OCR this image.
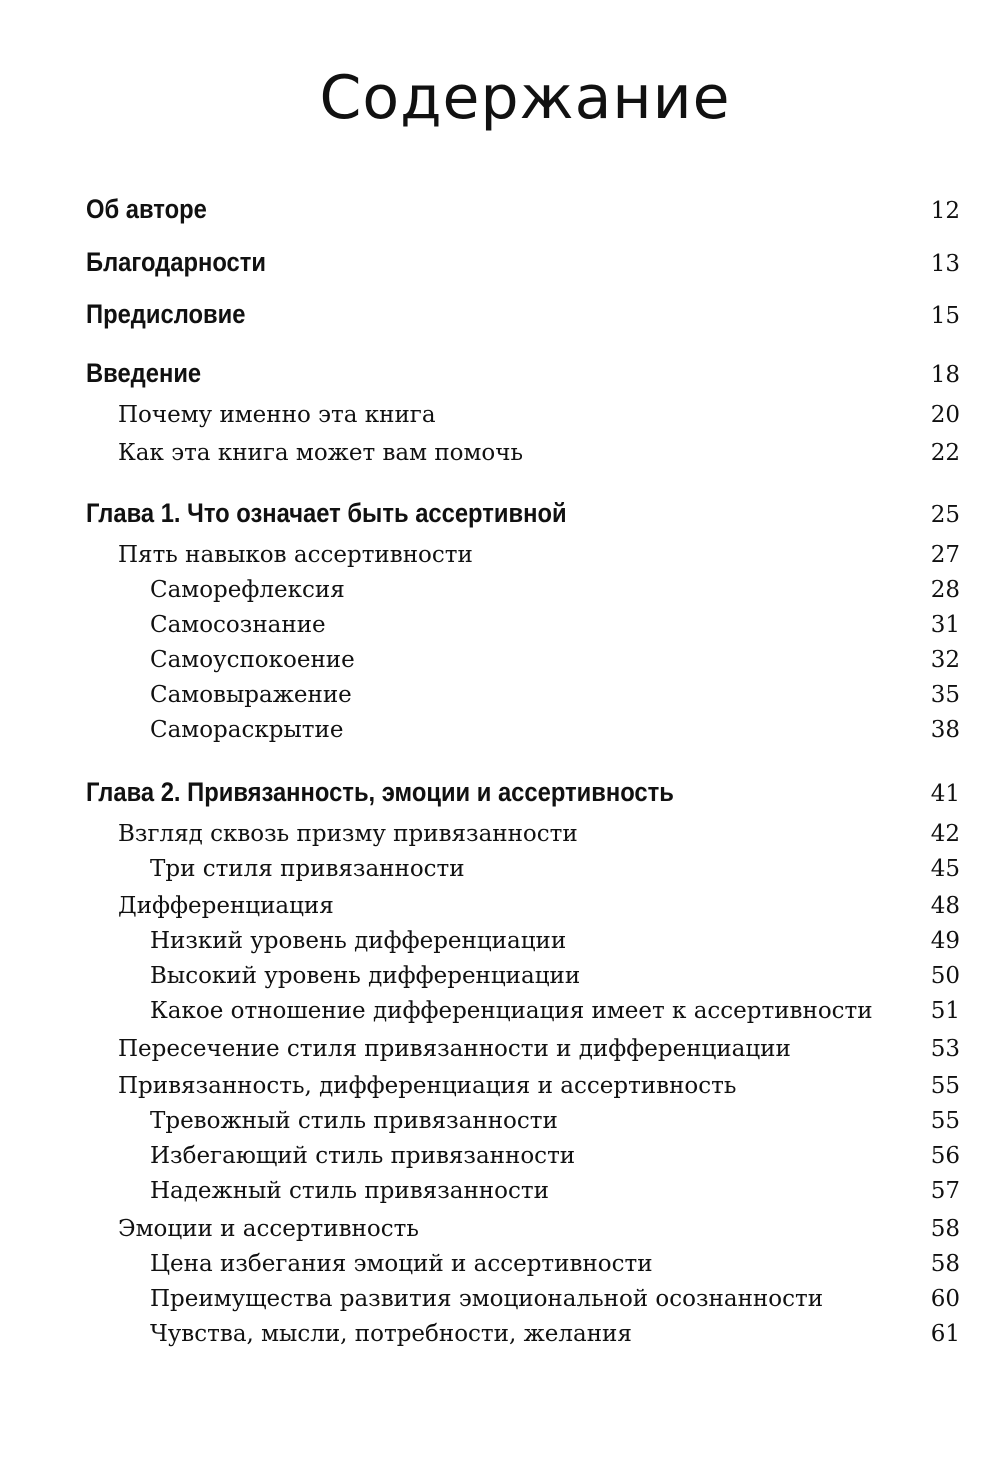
Содержание
Об авторе	12
Благодарности	13
Предисловие	15
Введение	18
Почему именно эта книга	20
Как эта книга может вам помочь	22
Глава 1. Что означает быть ассертивной	25
Пять навыков ассертивности	27
Саморефлексия	28
Самосознание	31
Самоуспокоение	32
Самовыражение	35
Самораскрытие	38
Глава 2. Привязанность, эмоции и ассертивность	41
Взгляд сквозь призму привязанности	42
Три стиля привязанности	45
Дифференциация	48
Низкий уровень дифференциации	49
Высокий уровень дифференциации	50
Какое отношение дифференциация имеет к ассертивности	51
Пересечение стиля привязанности и дифференциации	53
Привязанность, дифференциация и ассертивность	55
Тревожный стиль привязанности	55
Избегающий стиль привязанности	56
Надежный стиль привязанности	57
Эмоции и ассертивность	58
Цена избегания эмоций и ассертивности	58
Преимущества развития эмоциональной осознанности	60
Чувства, мысли, потребности, желания	61
